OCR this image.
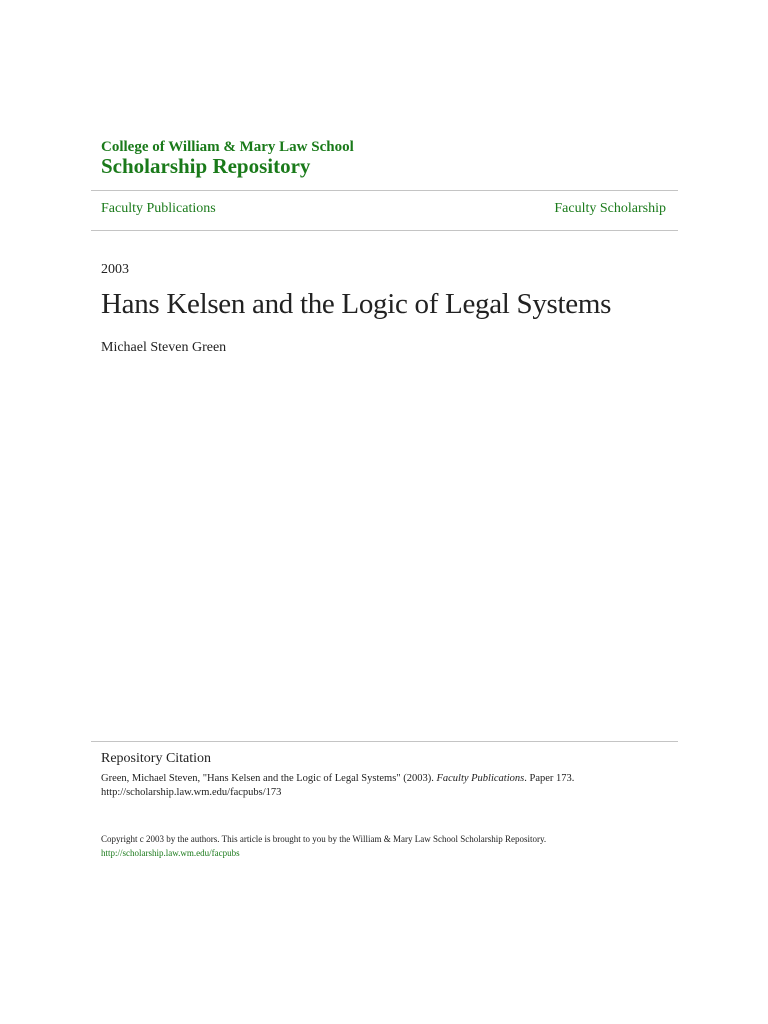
College of William & Mary Law School
Scholarship Repository
Faculty Publications	Faculty Scholarship
2003
Hans Kelsen and the Logic of Legal Systems
Michael Steven Green
Repository Citation
Green, Michael Steven, "Hans Kelsen and the Logic of Legal Systems" (2003). Faculty Publications. Paper 173.
http://scholarship.law.wm.edu/facpubs/173
Copyright c 2003 by the authors. This article is brought to you by the William & Mary Law School Scholarship Repository.
http://scholarship.law.wm.edu/facpubs
